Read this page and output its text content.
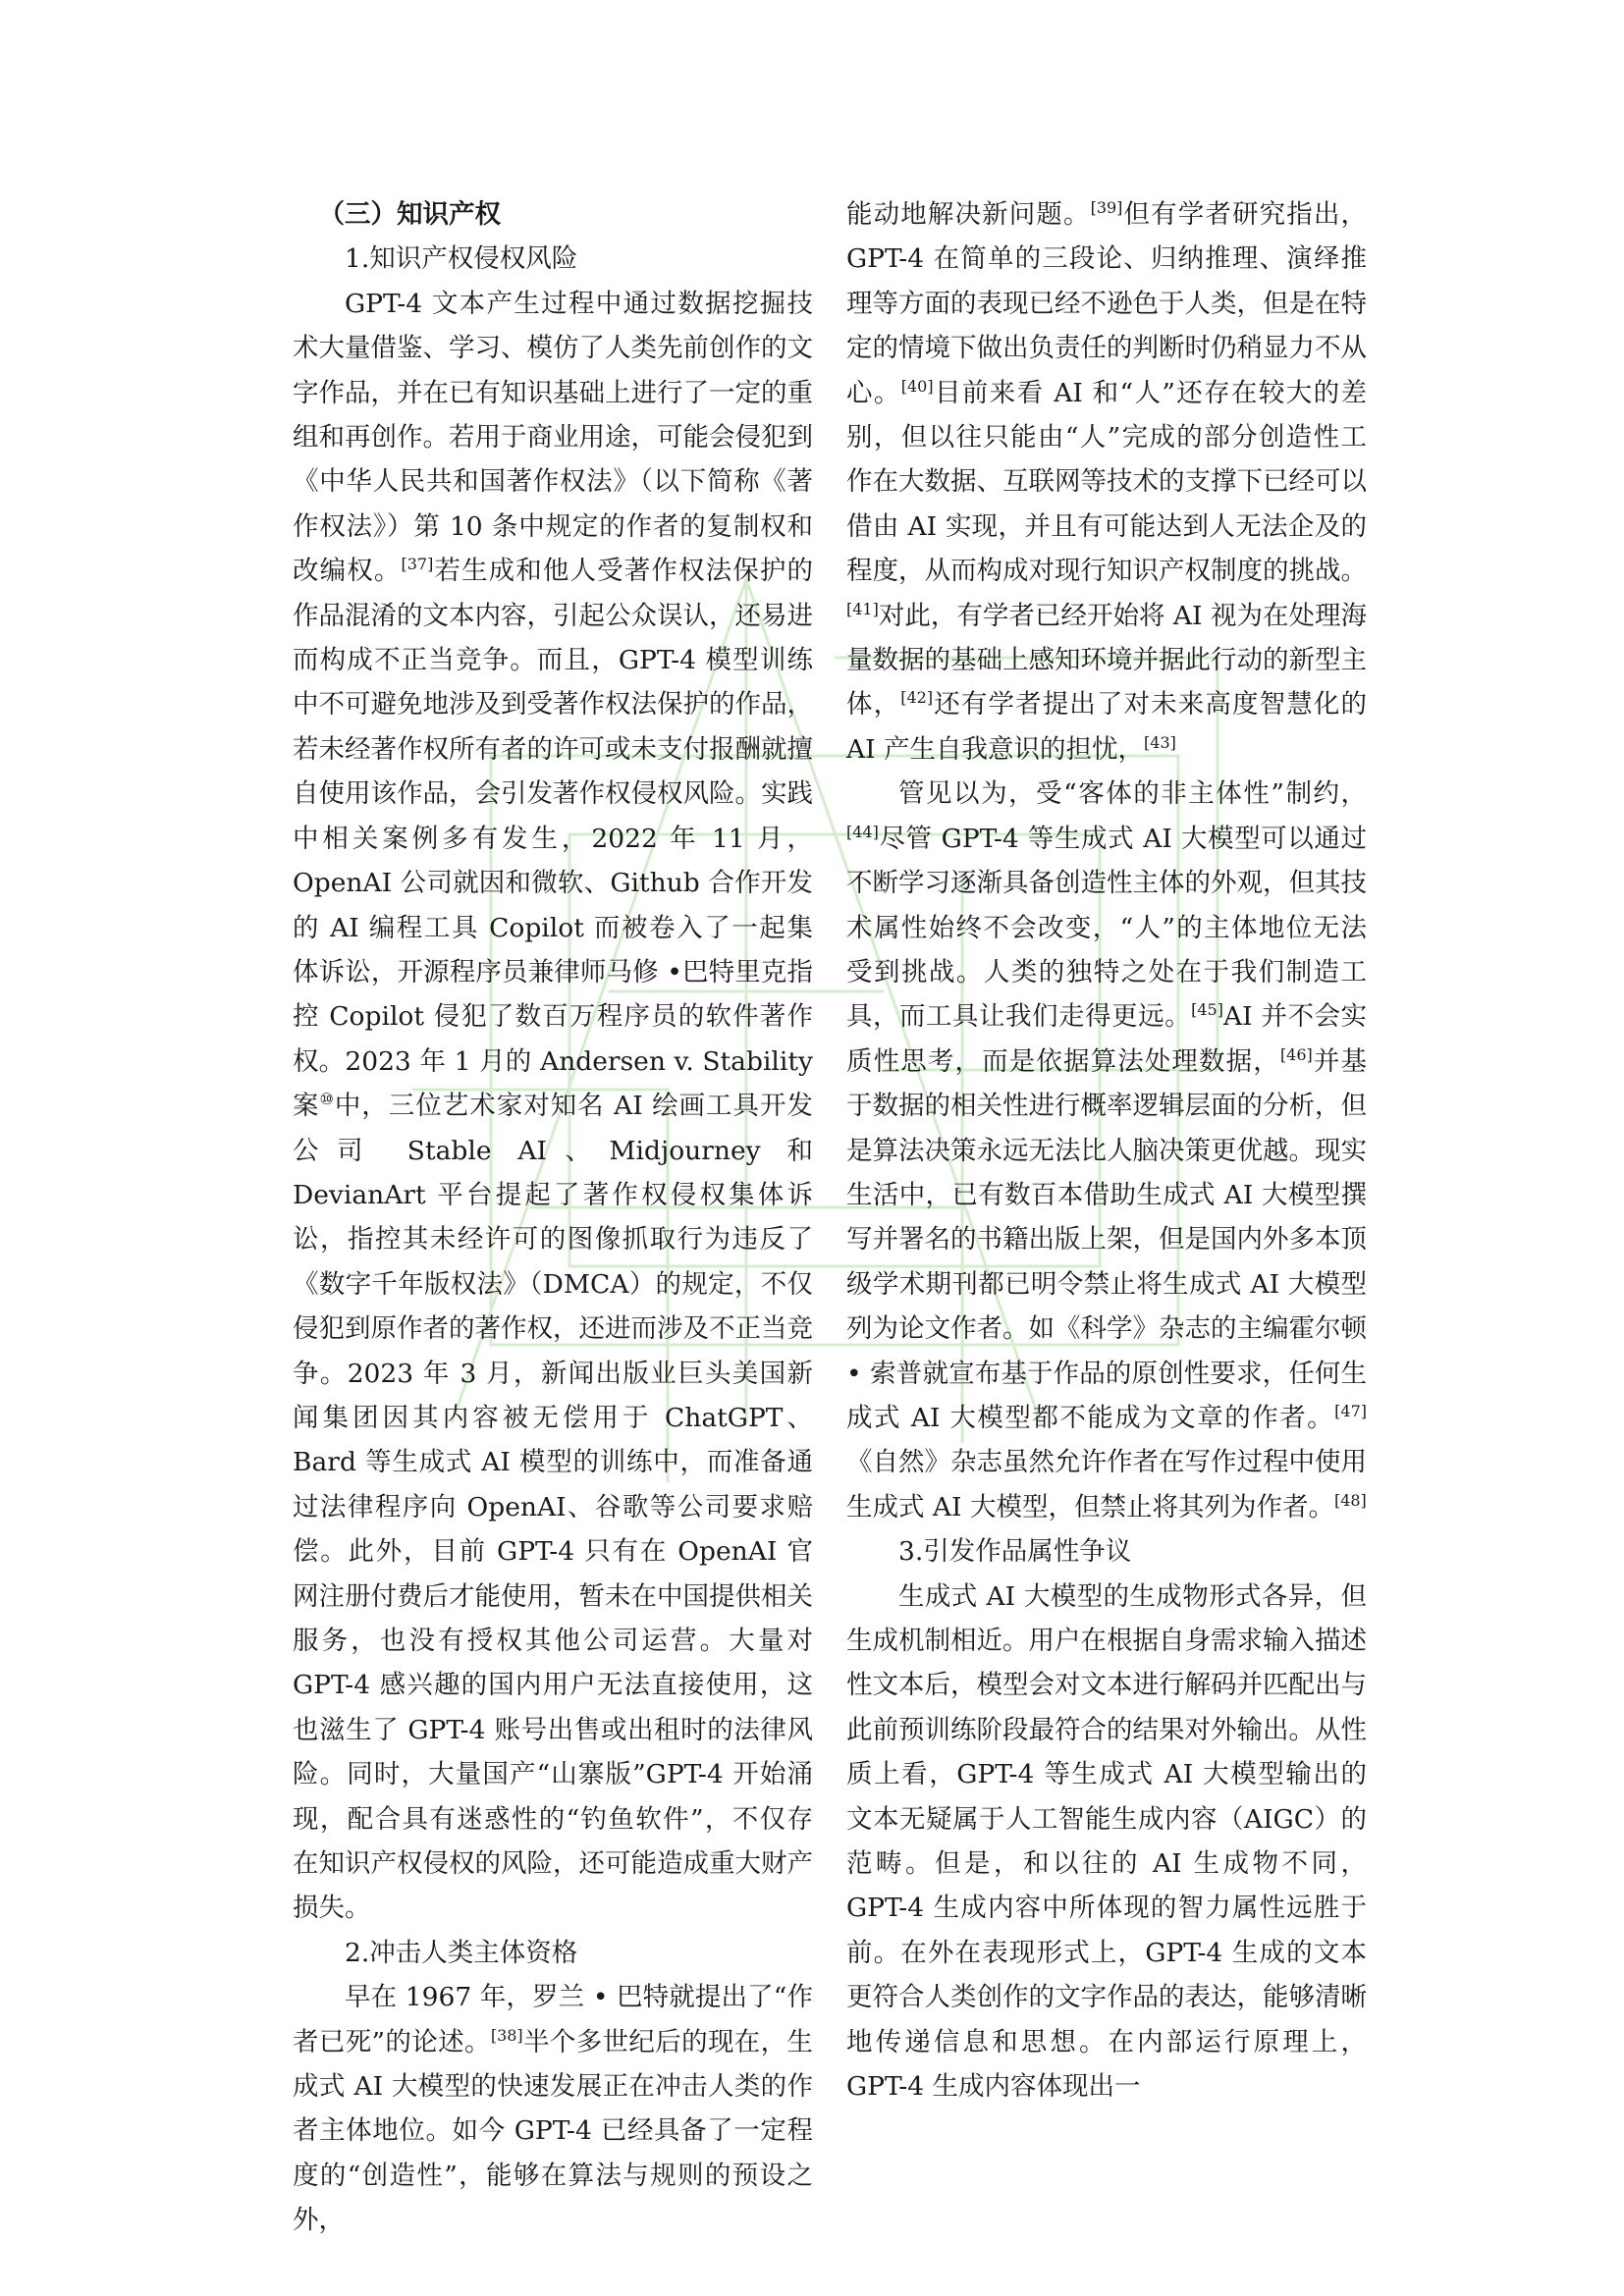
（三）知识产权
1.知识产权侵权风险

GPT-4 文本产生过程中通过数据挖掘技术大量借鉴、学习、模仿了人类先前创作的文字作品，并在已有知识基础上进行了一定的重组和再创作。若用于商业用途，可能会侵犯到《中华人民共和国著作权法》（以下简称《著作权法》）第 10 条中规定的作者的复制权和改编权。[37]若生成和他人受著作权法保护的作品混淆的文本内容，引起公众误认，还易进而构成不正当竞争。而且，GPT-4 模型训练中不可避免地涉及到受著作权法保护的作品，若未经著作权所有者的许可或未支付报酬就擅自使用该作品，会引发著作权侵权风险。实践中相关案例多有发生，2022 年 11 月，OpenAI 公司就因和微软、Github 合作开发的 AI 编程工具 Copilot 而被卷入了一起集体诉讼，开源程序员兼律师马修 •巴特里克指控 Copilot 侵犯了数百万程序员的软件著作权。2023 年 1 月的 Andersen v. Stability 案⑩中，三位艺术家对知名 AI 绘画工具开发公司 Stable AI、Midjourney 和 DevianArt 平台提起了著作权侵权集体诉讼，指控其未经许可的图像抓取行为违反了《数字千年版权法》（DMCA）的规定，不仅侵犯到原作者的著作权，还进而涉及不正当竞争。2023 年 3 月，新闻出版业巨头美国新闻集团因其内容被无偿用于 ChatGPT、Bard 等生成式 AI 模型的训练中，而准备通过法律程序向 OpenAI、谷歌等公司要求赔偿。此外，目前 GPT-4 只有在 OpenAI 官网注册付费后才能使用，暂未在中国提供相关服务，也没有授权其他公司运营。大量对 GPT-4 感兴趣的国内用户无法直接使用，这也滋生了 GPT-4 账号出售或出租时的法律风险。同时，大量国产“山寨版”GPT-4 开始涌现，配合具有迷惑性的“钓鱼软件”，不仅存在知识产权侵权的风险，还可能造成重大财产损失。

2.冲击人类主体资格

早在 1967 年，罗兰 • 巴特就提出了“作者已死”的论述。[38]半个多世纪后的现在，生成式 AI 大模型的快速发展正在冲击人类的作者主体地位。如今 GPT-4 已经具备了一定程度的“创造性”，能够在算法与规则的预设之外，

能动地解决新问题。[39]但有学者研究指出，GPT-4 在简单的三段论、归纳推理、演绎推理等方面的表现已经不逊色于人类，但是在特定的情境下做出负责任的判断时仍稍显力不从心。[40]目前来看 AI 和“人”还存在较大的差别，但以往只能由“人”完成的部分创造性工作在大数据、互联网等技术的支撑下已经可以借由 AI 实现，并且有可能达到人无法企及的程度，从而构成对现行知识产权制度的挑战。[41]对此，有学者已经开始将 AI 视为在处理海量数据的基础上感知环境并据此行动的新型主体，[42]还有学者提出了对未来高度智慧化的 AI 产生自我意识的担忧，[43]

管见以为，受“客体的非主体性”制约，[44]尽管 GPT-4 等生成式 AI 大模型可以通过不断学习逐渐具备创造性主体的外观，但其技术属性始终不会改变，“人”的主体地位无法受到挑战。人类的独特之处在于我们制造工具，而工具让我们走得更远。[45]AI 并不会实质性思考，而是依据算法处理数据，[46]并基于数据的相关性进行概率逻辑层面的分析，但是算法决策永远无法比人脑决策更优越。现实生活中，已有数百本借助生成式 AI 大模型撰写并署名的书籍出版上架，但是国内外多本顶级学术期刊都已明令禁止将生成式 AI 大模型列为论文作者。如《科学》杂志的主编霍尔顿 • 索普就宣布基于作品的原创性要求，任何生成式 AI 大模型都不能成为文章的作者。[47]《自然》杂志虽然允许作者在写作过程中使用生成式 AI 大模型，但禁止将其列为作者。[48]

3.引发作品属性争议

生成式 AI 大模型的生成物形式各异，但生成机制相近。用户在根据自身需求输入描述性文本后，模型会对文本进行解码并匹配出与此前预训练阶段最符合的结果对外输出。从性质上看，GPT-4 等生成式 AI 大模型输出的文本无疑属于人工智能生成内容（AIGC）的范畴。但是，和以往的 AI 生成物不同，GPT-4 生成内容中所体现的智力属性远胜于前。在外在表现形式上，GPT-4 生成的文本更符合人类创作的文字作品的表达，能够清晰地传递信息和思想。在内部运行原理上，GPT-4 生成内容体现出一
